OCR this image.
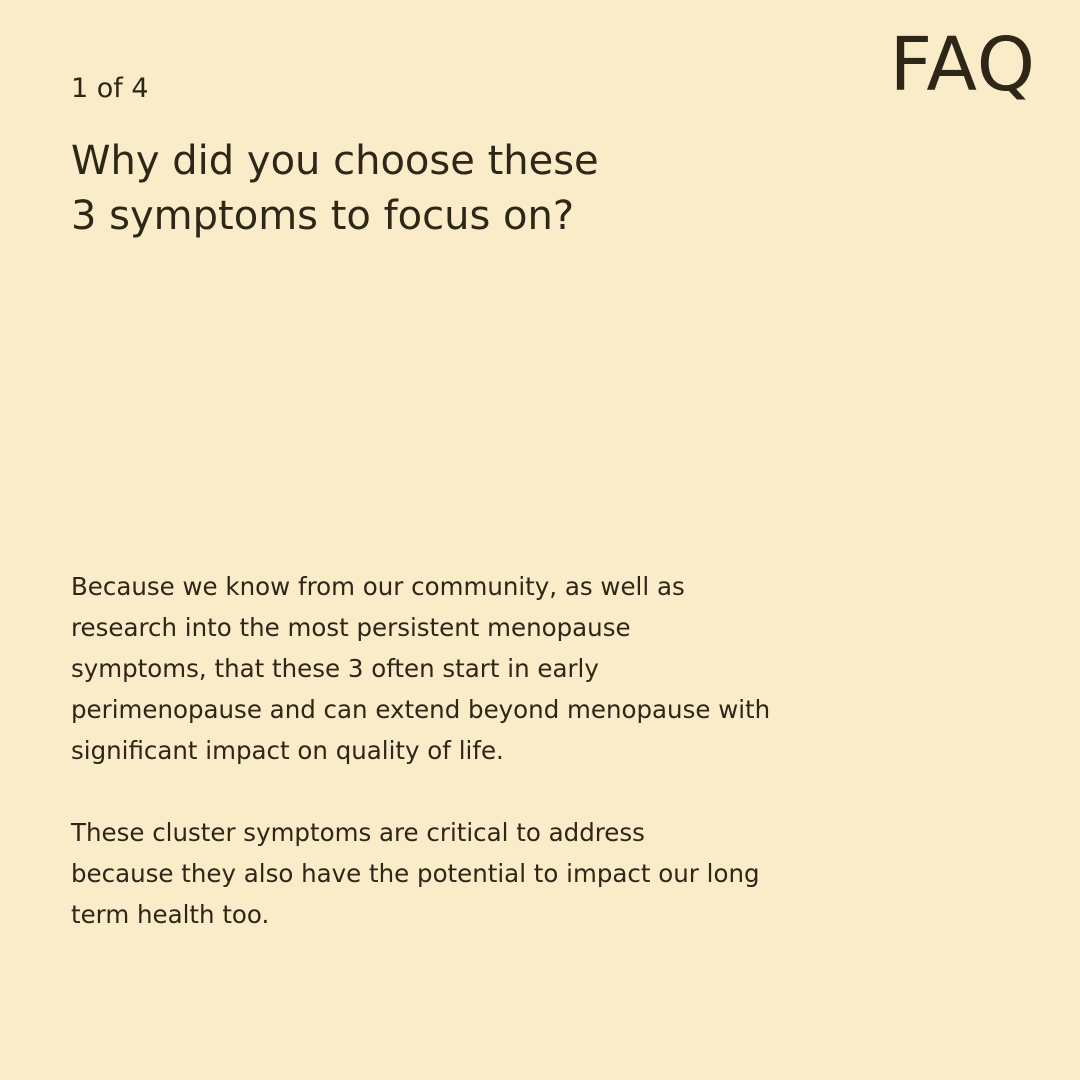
FAQ
1 of 4
Why did you choose these
3 symptoms to focus on?

Because we know from our community, as well as
research into the most persistent menopause
symptoms, that these 3 often start in early
perimenopause and can extend beyond menopause with
significant impact on quality of life.

These cluster symptoms are critical to address
because they also have the potential to impact our long
term health too.
